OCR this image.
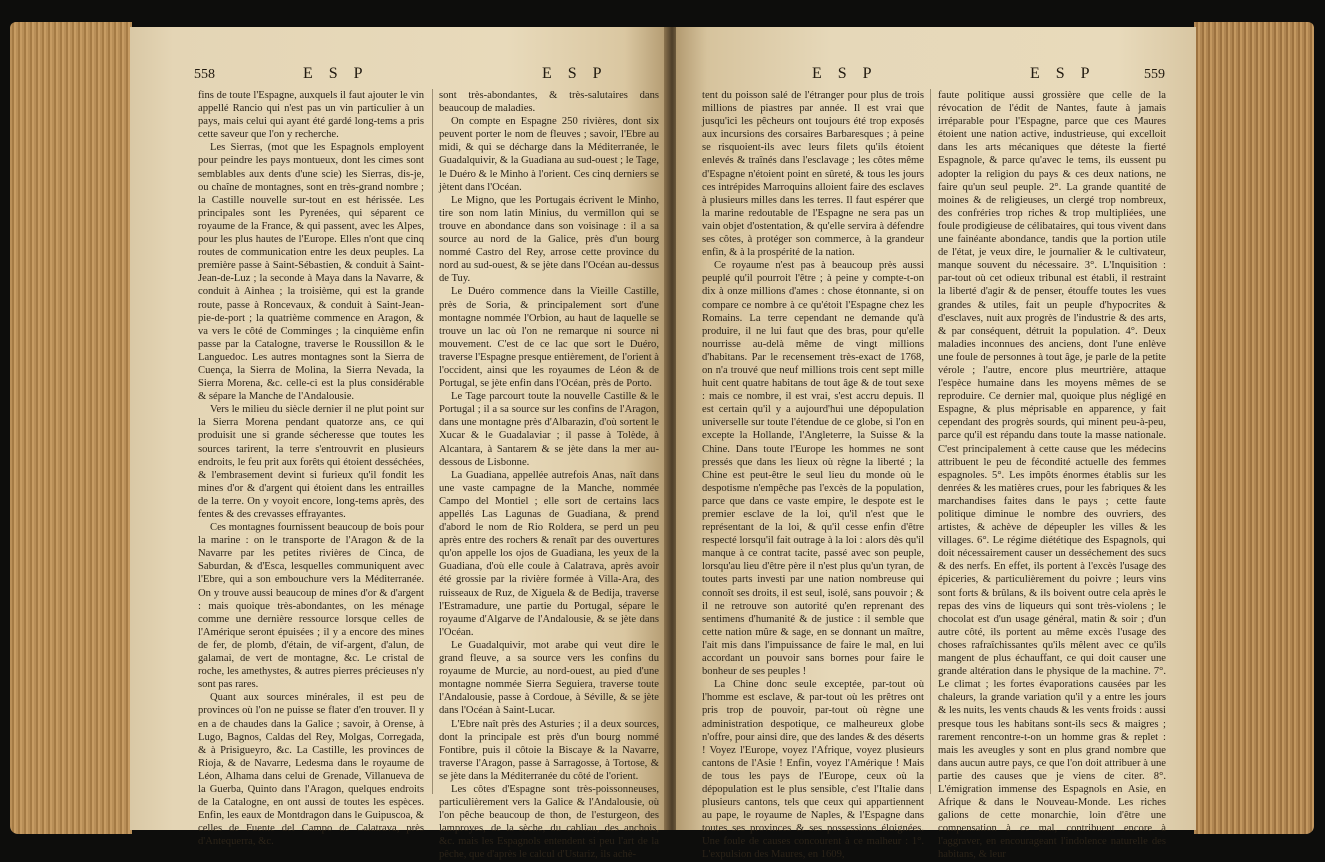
558	E S P	E S P

fins de toute l'Espagne, auxquels il faut ajouter le vin appellé Rancio qui n'est pas un vin particulier à un pays, mais celui qui ayant été gardé long-tems a pris cette saveur que l'on y recherche.

Les Sierras, (mot que les Espagnols employent pour peindre les pays montueux, dont les cimes sont semblables aux dents d'une scie) les Sierras, dis-je, ou chaîne de montagnes, sont en très-grand nombre ; la Castille nouvelle sur-tout en est hérissée. Les principales sont les Pyrenées, qui séparent ce royaume de la France, & qui passent, avec les Alpes, pour les plus hautes de l'Europe. Elles n'ont que cinq routes de communication entre les deux peuples. La première passe à Saint-Sébastien, & conduit à Saint-Jean-de-Luz ; la seconde à Maya dans la Navarre, & conduit à Ainhea ; la troisième, qui est la grande route, passe à Roncevaux, & conduit à Saint-Jean-pie-de-port ; la quatrième commence en Aragon, & va vers le côté de Comminges ; la cinquième enfin passe par la Catalogne, traverse le Roussillon & le Languedoc. Les autres montagnes sont la Sierra de Cuença, la Sierra de Molina, la Sierra Nevada, la Sierra Morena, &c. celle-ci est la plus considérable & sépare la Manche de l'Andalousie.

Vers le milieu du siècle dernier il ne plut point sur la Sierra Morena pendant quatorze ans, ce qui produisit une si grande sécheresse que toutes les sources tarirent, la terre s'entrouvrit en plusieurs endroits, le feu prit aux forêts qui étoient desséchées, & l'embrasement devint si furieux qu'il fondit les mines d'or & d'argent qui étoient dans les entrailles de la terre. On y voyoit encore, long-tems après, des fentes & des crevasses effrayantes.

Ces montagnes fournissent beaucoup de bois pour la marine : on le transporte de l'Aragon & de la Navarre par les petites rivières de Cinca, de Saburdan, & d'Esca, lesquelles communiquent avec l'Ebre, qui a son embouchure vers la Méditerranée. On y trouve aussi beaucoup de mines d'or & d'argent : mais quoique très-abondantes, on les ménage comme une dernière ressource lorsque celles de l'Amérique seront épuisées ; il y a encore des mines de fer, de plomb, d'étain, de vif-argent, d'alun, de galamai, de vert de montagne, &c. Le cristal de roche, les amethystes, & autres pierres précieuses n'y sont pas rares.

Quant aux sources minérales, il est peu de provinces où l'on ne puisse se flater d'en trouver. Il y en a de chaudes dans la Galice ; savoir, à Orense, à Lugo, Bagnos, Caldas del Rey, Molgas, Corregada, & à Prisigueyro, &c. La Castille, les provinces de Rioja, & de Navarre, Ledesma dans le royaume de Léon, Alhama dans celui de Grenade, Villanueva de la Guerba, Quinto dans l'Aragon, quelques endroits de la Catalogne, en ont aussi de toutes les espèces. Enfin, les eaux de Montdragon dans le Guipuscoa, & celles de Fuente del Campo de Calatrava, près d'Antequerra, &c.

sont très-abondantes, & très-salutaires dans beaucoup de maladies.

On compte en Espagne 250 rivières, dont six peuvent porter le nom de fleuves ; savoir, l'Ebre au midi, & qui se décharge dans la Méditerranée, le Guadalquivir, & la Guadiana au sud-ouest ; le Tage, le Duéro & le Minho à l'orient. Ces cinq derniers se jètent dans l'Océan.

Le Migno, que les Portugais écrivent le Minho, tire son nom latin Minius, du vermillon qui se trouve en abondance dans son voisinage : il a sa source au nord de la Galice, près d'un bourg nommé Castro del Rey, arrose cette province du nord au sud-ouest, & se jète dans l'Océan au-dessus de Tuy.

Le Duéro commence dans la Vieille Castille, près de Soria, & principalement sort d'une montagne nommée l'Orbion, au haut de laquelle se trouve un lac où l'on ne remarque ni source ni mouvement. C'est de ce lac que sort le Duéro, traverse l'Espagne presque entièrement, de l'orient à l'occident, ainsi que les royaumes de Léon & de Portugal, se jète enfin dans l'Océan, près de Porto.

Le Tage parcourt toute la nouvelle Castille & le Portugal ; il a sa source sur les confins de l'Aragon, dans une montagne près d'Albarazin, d'où sortent le Xucar & le Guadalaviar ; il passe à Tolède, à Alcantara, à Santarem & se jète dans la mer au-dessous de Lisbonne.

La Guadiana, appellée autrefois Anas, naît dans une vaste campagne de la Manche, nommée Campo del Montiel ; elle sort de certains lacs appellés Las Lagunas de Guadiana, & prend d'abord le nom de Rio Roldera, se perd un peu après entre des rochers & renaît par des ouvertures qu'on appelle los ojos de Guadiana, les yeux de la Guadiana, d'où elle coule à Calatrava, après avoir été grossie par la rivière formée à Villa-Ara, des ruisseaux de Ruz, de Xiguela & de Bedija, traverse l'Estramadure, une partie du Portugal, sépare le royaume d'Algarve de l'Andalousie, & se jète dans l'Océan.

Le Guadalquivir, mot arabe qui veut dire le grand fleuve, a sa source vers les confins du royaume de Murcie, au nord-ouest, au pied d'une montagne nommée Sierra Seguiera, traverse toute l'Andalousie, passe à Cordoue, à Séville, & se jète dans l'Océan à Saint-Lucar.

L'Ebre naît près des Asturies ; il a deux sources, dont la principale est près d'un bourg nommé Fontibre, puis il côtoie la Biscaye & la Navarre, traverse l'Aragon, passe à Sarragosse, à Tortose, & se jète dans la Méditerranée du côté de l'orient.

Les côtes d'Espagne sont très-poissonneuses, particulièrement vers la Galice & l'Andalousie, où l'on pêche beaucoup de thon, de l'esturgeon, des lamproyes, de la sèche, du cabliau, des anchois, &c. mais les Espagnols entendent si peu l'art de la pêche, que d'après le calcul d'Ustariz, ils achè-

E S P	E S P	559

tent du poisson salé de l'étranger pour plus de trois millions de piastres par année. Il est vrai que jusqu'ici les pêcheurs ont toujours été trop exposés aux incursions des corsaires Barbaresques ; à peine se risquoient-ils avec leurs filets qu'ils étoient enlevés & traînés dans l'esclavage ; les côtes même d'Espagne n'étoient point en sûreté, & tous les jours ces intrépides Marroquins alloient faire des esclaves à plusieurs milles dans les terres. Il faut espérer que la marine redoutable de l'Espagne ne sera pas un vain objet d'ostentation, & qu'elle servira à défendre ses côtes, à protéger son commerce, à la grandeur enfin, & à la prospérité de la nation.

Ce royaume n'est pas à beaucoup près aussi peuplé qu'il pourroit l'être ; à peine y compte-t-on dix à onze millions d'ames : chose étonnante, si on compare ce nombre à ce qu'étoit l'Espagne chez les Romains. La terre cependant ne demande qu'à produire, il ne lui faut que des bras, pour qu'elle nourrisse au-delà même de vingt millions d'habitans. Par le recensement très-exact de 1768, on n'a trouvé que neuf millions trois cent sept mille huit cent quatre habitans de tout âge & de tout sexe : mais ce nombre, il est vrai, s'est accru depuis. Il est certain qu'il y a aujourd'hui une dépopulation universelle sur toute l'étendue de ce globe, si l'on en excepte la Hollande, l'Angleterre, la Suisse & la Chine. Dans toute l'Europe les hommes ne sont pressés que dans les lieux où règne la liberté ; la Chine est peut-être le seul lieu du monde où le despotisme n'empêche pas l'excès de la population, parce que dans ce vaste empire, le despote est le premier esclave de la loi, qu'il n'est que le représentant de la loi, & qu'il cesse enfin d'être respecté lorsqu'il fait outrage à la loi : alors dès qu'il manque à ce contrat tacite, passé avec son peuple, lorsqu'au lieu d'être père il n'est plus qu'un tyran, de toutes parts investi par une nation nombreuse qui connoît ses droits, il est seul, isolé, sans pouvoir ; & il ne retrouve son autorité qu'en reprenant des sentimens d'humanité & de justice : il semble que cette nation mûre & sage, en se donnant un maître, l'ait mis dans l'impuissance de faire le mal, en lui accordant un pouvoir sans bornes pour faire le bonheur de ses peuples !

La Chine donc seule exceptée, par-tout où l'homme est esclave, & par-tout où les prêtres ont pris trop de pouvoir, par-tout où règne une administration despotique, ce malheureux globe n'offre, pour ainsi dire, que des landes & des déserts ! Voyez l'Europe, voyez l'Afrique, voyez plusieurs cantons de l'Asie ! Enfin, voyez l'Amérique ! Mais de tous les pays de l'Europe, ceux où la dépopulation est le plus sensible, c'est l'Italie dans plusieurs cantons, tels que ceux qui appartiennent au pape, le royaume de Naples, & l'Espagne dans toutes ses provinces & ses possessions éloignées. Une foule de causes concourent à ce malheur : 1°. L'expulsion des Maures, en 1609,

faute politique aussi grossière que celle de la révocation de l'édit de Nantes, faute à jamais irréparable pour l'Espagne, parce que ces Maures étoient une nation active, industrieuse, qui excelloit dans les arts mécaniques que déteste la fierté Espagnole, & parce qu'avec le tems, ils eussent pu adopter la religion du pays & ces deux nations, ne faire qu'un seul peuple. 2°. La grande quantité de moines & de religieuses, un clergé trop nombreux, des confréries trop riches & trop multipliées, une foule prodigieuse de célibataires, qui tous vivent dans une fainéante abondance, tandis que la portion utile de l'état, je veux dire, le journalier & le cultivateur, manque souvent du nécessaire. 3°. L'Inquisition : par-tout où cet odieux tribunal est établi, il restraint la liberté d'agir & de penser, étouffe toutes les vues grandes & utiles, fait un peuple d'hypocrites & d'esclaves, nuit aux progrès de l'industrie & des arts, & par conséquent, détruit la population. 4°. Deux maladies inconnues des anciens, dont l'une enlève une foule de personnes à tout âge, je parle de la petite vérole ; l'autre, encore plus meurtrière, attaque l'espèce humaine dans les moyens mêmes de se reproduire. Ce dernier mal, quoique plus négligé en Espagne, & plus méprisable en apparence, y fait cependant des progrès sourds, qui minent peu-à-peu, parce qu'il est répandu dans toute la masse nationale. C'est principalement à cette cause que les médecins attribuent le peu de fécondité actuelle des femmes espagnoles. 5°. Les impôts énormes établis sur les denrées & les matières crues, pour les fabriques & les marchandises faites dans le pays ; cette faute politique diminue le nombre des ouvriers, des artistes, & achève de dépeupler les villes & les villages. 6°. Le régime diététique des Espagnols, qui doit nécessairement causer un desséchement des sucs & des nerfs. En effet, ils portent à l'excès l'usage des épiceries, & particulièrement du poivre ; leurs vins sont forts & brûlans, & ils boivent outre cela après le repas des vins de liqueurs qui sont très-violens ; le chocolat est d'un usage général, matin & soir ; d'un autre côté, ils portent au même excès l'usage des choses rafraîchissantes qu'ils mêlent avec ce qu'ils mangent de plus échauffant, ce qui doit causer une grande altération dans le physique de la machine. 7°. Le climat ; les fortes évaporations causées par les chaleurs, la grande variation qu'il y a entre les jours & les nuits, les vents chauds & les vents froids : aussi presque tous les habitans sont-ils secs & maigres ; rarement rencontre-t-on un homme gras & replet : mais les aveugles y sont en plus grand nombre que dans aucun autre pays, ce que l'on doit attribuer à une partie des causes que je viens de citer. 8°. L'émigration immense des Espagnols en Asie, en Afrique & dans le Nouveau-Monde. Les riches galions de cette monarchie, loin d'être une compensation à ce mal, contribuent encore à l'aggraver, en encourageant l'indolence naturelle des habitans, & leur
